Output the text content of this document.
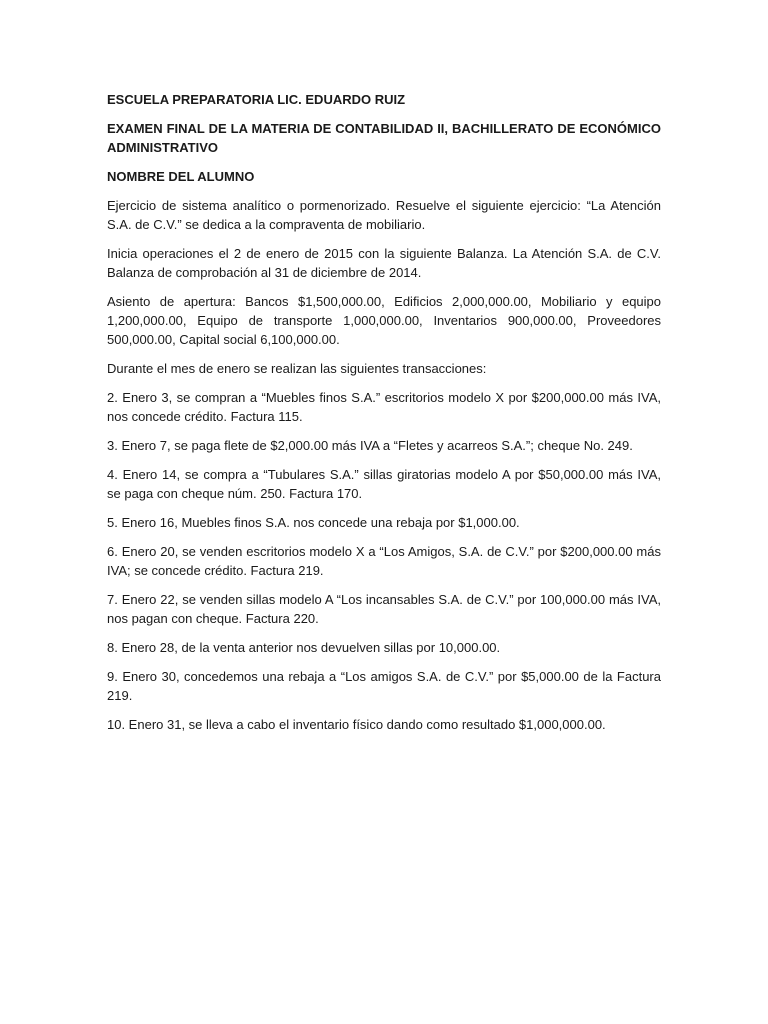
ESCUELA PREPARATORIA LIC. EDUARDO RUIZ

EXAMEN FINAL DE LA MATERIA DE CONTABILIDAD II, BACHILLERATO DE ECONÓMICO ADMINISTRATIVO

NOMBRE DEL ALUMNO

Ejercicio de sistema analítico o pormenorizado. Resuelve el siguiente ejercicio: “La Atención S.A. de C.V.” se dedica a la compraventa de mobiliario.

Inicia operaciones el 2 de enero de 2015 con la siguiente Balanza. La Atención S.A. de C.V. Balanza de comprobación al 31 de diciembre de 2014.

Asiento de apertura: Bancos $1,500,000.00, Edificios 2,000,000.00, Mobiliario y equipo 1,200,000.00, Equipo de transporte 1,000,000.00, Inventarios 900,000.00, Proveedores 500,000.00, Capital social 6,100,000.00.

Durante el mes de enero se realizan las siguientes transacciones:

2. Enero 3, se compran a “Muebles finos S.A.” escritorios modelo X por $200,000.00 más IVA, nos concede crédito. Factura 115.

3. Enero 7, se paga flete de $2,000.00 más IVA a “Fletes y acarreos S.A.”; cheque No. 249.

4. Enero 14, se compra a “Tubulares S.A.” sillas giratorias modelo A por $50,000.00 más IVA, se paga con cheque núm. 250. Factura 170.

5. Enero 16, Muebles finos S.A. nos concede una rebaja por $1,000.00.

6. Enero 20, se venden escritorios modelo X a “Los Amigos, S.A. de C.V.” por $200,000.00 más IVA; se concede crédito. Factura 219.

7. Enero 22, se venden sillas modelo A “Los incansables S.A. de C.V.” por 100,000.00 más IVA, nos pagan con cheque. Factura 220.

8. Enero 28, de la venta anterior nos devuelven sillas por 10,000.00.

9. Enero 30, concedemos una rebaja a “Los amigos S.A. de C.V.” por $5,000.00 de la Factura 219.

10. Enero 31, se lleva a cabo el inventario físico dando como resultado $1,000,000.00.
